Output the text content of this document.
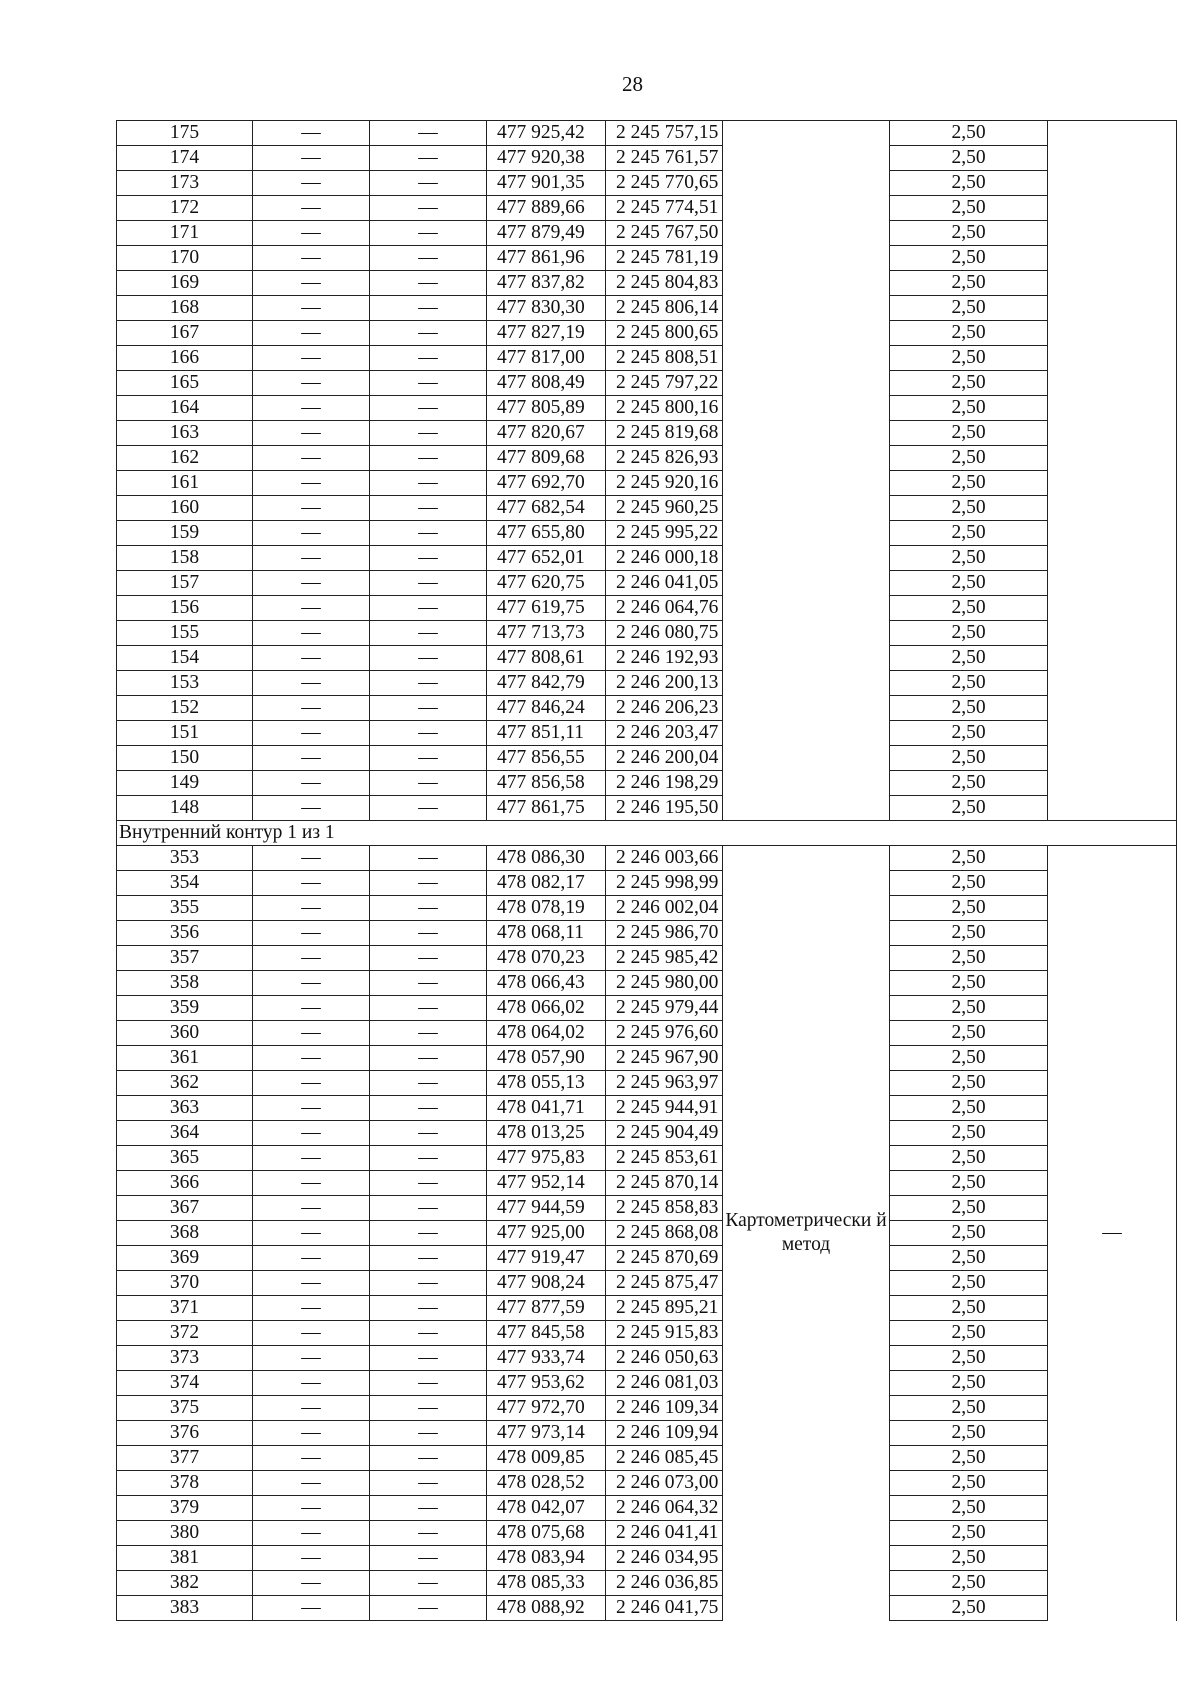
28
175	—	—	477 925,42	2 245 757,15		2,50	
174	—	—	477 920,38	2 245 761,57		2,50	
173	—	—	477 901,35	2 245 770,65		2,50	
172	—	—	477 889,66	2 245 774,51		2,50	
171	—	—	477 879,49	2 245 767,50		2,50	
170	—	—	477 861,96	2 245 781,19		2,50	
169	—	—	477 837,82	2 245 804,83		2,50	
168	—	—	477 830,30	2 245 806,14		2,50	
167	—	—	477 827,19	2 245 800,65		2,50	
166	—	—	477 817,00	2 245 808,51		2,50	
165	—	—	477 808,49	2 245 797,22		2,50	
164	—	—	477 805,89	2 245 800,16		2,50	
163	—	—	477 820,67	2 245 819,68		2,50	
162	—	—	477 809,68	2 245 826,93		2,50	
161	—	—	477 692,70	2 245 920,16		2,50	
160	—	—	477 682,54	2 245 960,25		2,50	
159	—	—	477 655,80	2 245 995,22		2,50	
158	—	—	477 652,01	2 246 000,18		2,50	
157	—	—	477 620,75	2 246 041,05		2,50	
156	—	—	477 619,75	2 246 064,76		2,50	
155	—	—	477 713,73	2 246 080,75		2,50	
154	—	—	477 808,61	2 246 192,93		2,50	
153	—	—	477 842,79	2 246 200,13		2,50	
152	—	—	477 846,24	2 246 206,23		2,50	
151	—	—	477 851,11	2 246 203,47		2,50	
150	—	—	477 856,55	2 246 200,04		2,50	
149	—	—	477 856,58	2 246 198,29		2,50	
148	—	—	477 861,75	2 246 195,50		2,50	
Внутренний контур 1 из 1							
353	—	—	478 086,30	2 246 003,66	Картометрически й метод	2,50	—
354	—	—	478 082,17	2 245 998,99		2,50	
355	—	—	478 078,19	2 246 002,04		2,50	
356	—	—	478 068,11	2 245 986,70		2,50	
357	—	—	478 070,23	2 245 985,42		2,50	
358	—	—	478 066,43	2 245 980,00		2,50	
359	—	—	478 066,02	2 245 979,44		2,50	
360	—	—	478 064,02	2 245 976,60		2,50	
361	—	—	478 057,90	2 245 967,90		2,50	
362	—	—	478 055,13	2 245 963,97		2,50	
363	—	—	478 041,71	2 245 944,91		2,50	
364	—	—	478 013,25	2 245 904,49		2,50	
365	—	—	477 975,83	2 245 853,61		2,50	
366	—	—	477 952,14	2 245 870,14		2,50	
367	—	—	477 944,59	2 245 858,83		2,50	
368	—	—	477 925,00	2 245 868,08		2,50	
369	—	—	477 919,47	2 245 870,69		2,50	
370	—	—	477 908,24	2 245 875,47		2,50	
371	—	—	477 877,59	2 245 895,21		2,50	
372	—	—	477 845,58	2 245 915,83		2,50	
373	—	—	477 933,74	2 246 050,63		2,50	
374	—	—	477 953,62	2 246 081,03		2,50	
375	—	—	477 972,70	2 246 109,34		2,50	
376	—	—	477 973,14	2 246 109,94		2,50	
377	—	—	478 009,85	2 246 085,45		2,50	
378	—	—	478 028,52	2 246 073,00		2,50	
379	—	—	478 042,07	2 246 064,32		2,50	
380	—	—	478 075,68	2 246 041,41		2,50	
381	—	—	478 083,94	2 246 034,95		2,50	
382	—	—	478 085,33	2 246 036,85		2,50	
383	—	—	478 088,92	2 246 041,75		2,50	
